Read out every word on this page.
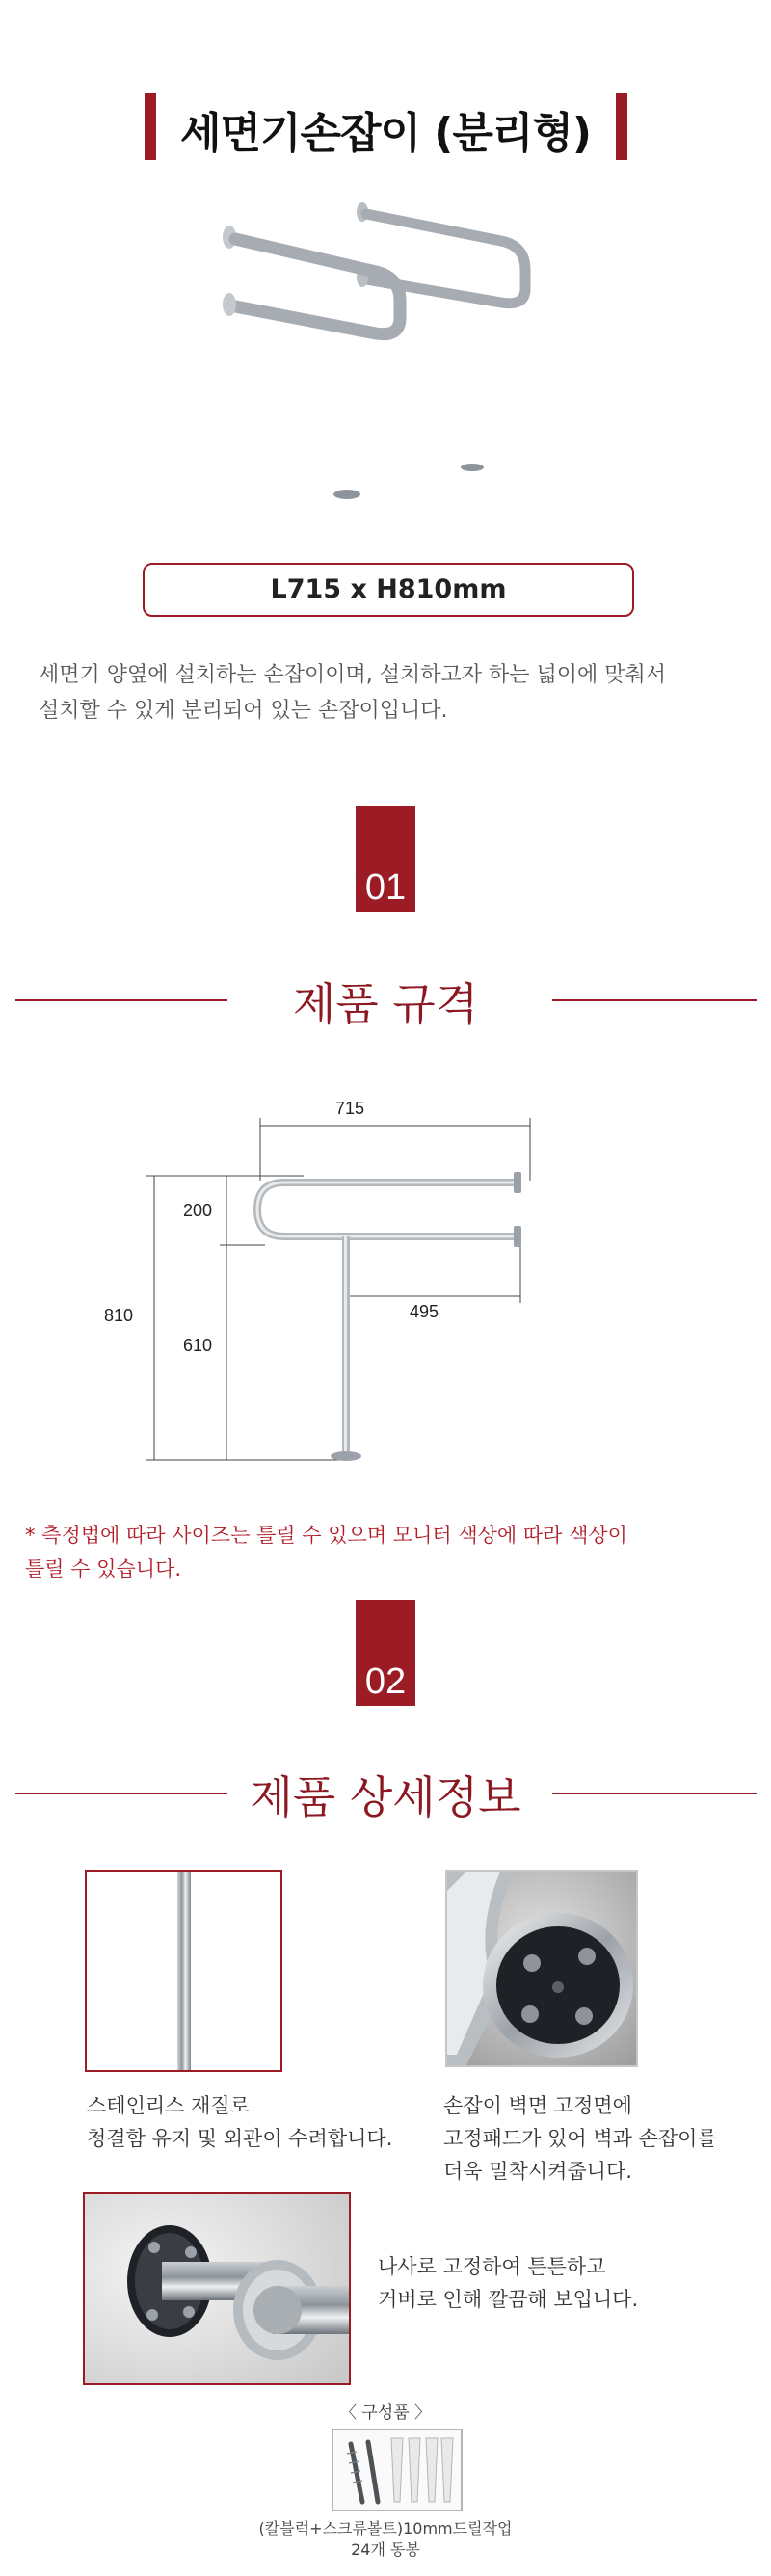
세면기손잡이 (분리형)
L715 x H810mm
세면기 양옆에 설치하는 손잡이이며, 설치하고자 하는 넓이에 맞춰서
설치할 수 있게 분리되어 있는 손잡이입니다.
01
제품 규격
715
200
810
610
495
* 측정법에 따라 사이즈는 틀릴 수 있으며 모니터 색상에 따라 색상이
틀릴 수 있습니다.
02
제품 상세정보
스테인리스 재질로
청결함 유지 및 외관이 수려합니다.
손잡이 벽면 고정면에
고정패드가 있어 벽과 손잡이를
더욱 밀착시켜줍니다.
나사로 고정하여 튼튼하고
커버로 인해 깔끔해 보입니다.
〈 구성품 〉
(칼블럭+스크류볼트)10mm드릴작업
24개 동봉
